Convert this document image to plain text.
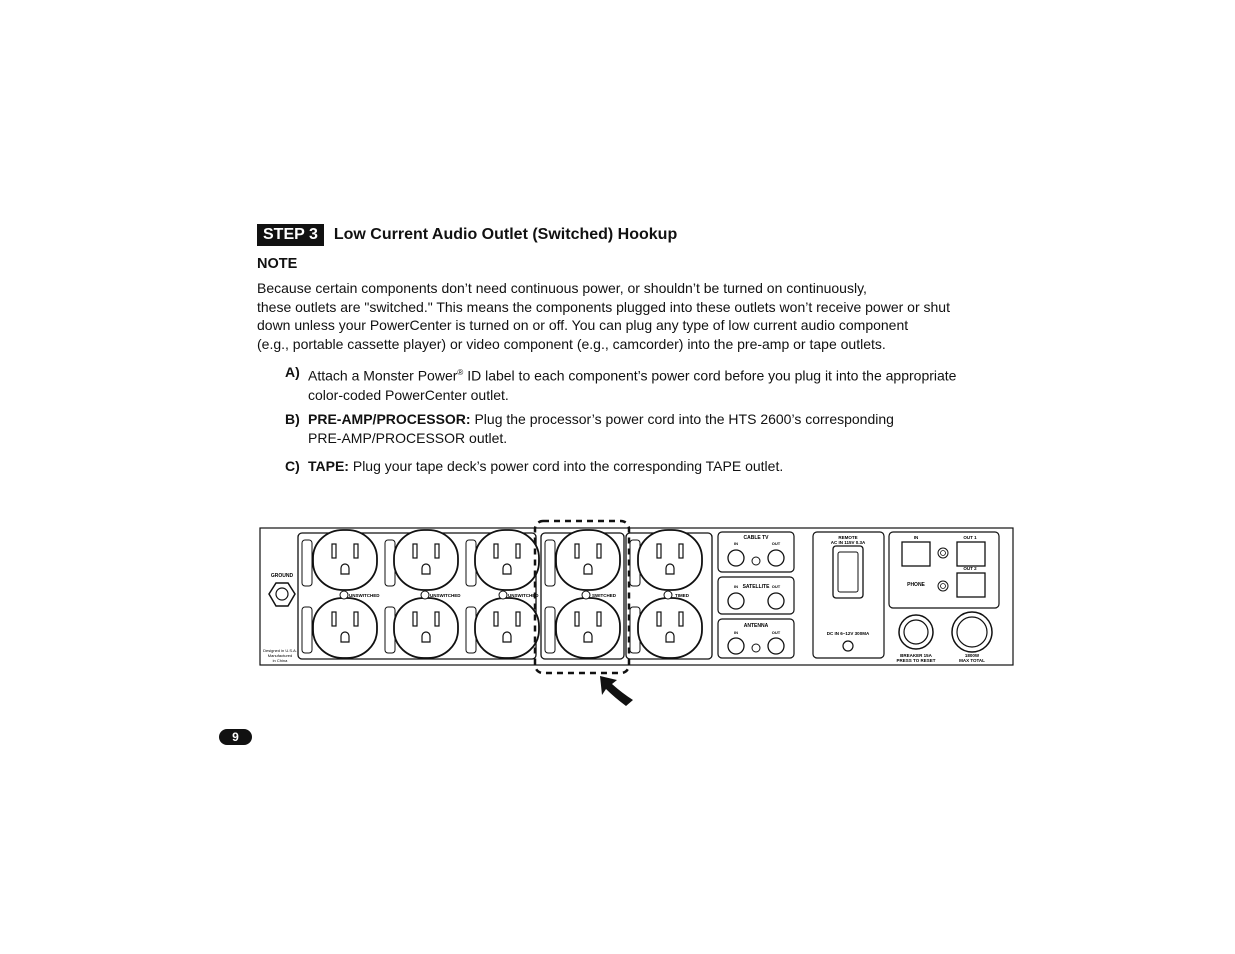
STEP 3	Low Current Audio Outlet (Switched) Hookup
NOTE
Because certain components don’t need continuous power, or shouldn’t be turned on continuously,
these outlets are "switched." This means the components plugged into these outlets won’t receive power or shut
down unless your PowerCenter is turned on or off. You can plug any type of low current audio component
(e.g., portable cassette player) or video component (e.g., camcorder) into the pre-amp or tape outlets.
A) Attach a Monster Power® ID label to each component’s power cord before you plug it into the appropriate
color-coded PowerCenter outlet.
B) PRE-AMP/PROCESSOR: Plug the processor’s power cord into the HTS 2600’s corresponding
PRE-AMP/PROCESSOR outlet.
C) TAPE: Plug your tape deck’s power cord into the corresponding TAPE outlet.
GROUND
Designed in U.S.A.
Manufactured
in China
UNSWITCHED	UNSWITCHED	UNSWITCHED	SWITCHED	TIMED
CABLE TV
IN	OUT
IN SATELLITE OUT
ANTENNA
IN	OUT
REMOTE
AC IN 115V 0.3A
DC IN 6~12V 300MA
IN	OUT 1
OUT 2
PHONE
BREAKER 15A
PRESS TO RESET
1800W
MAX TOTAL
9
